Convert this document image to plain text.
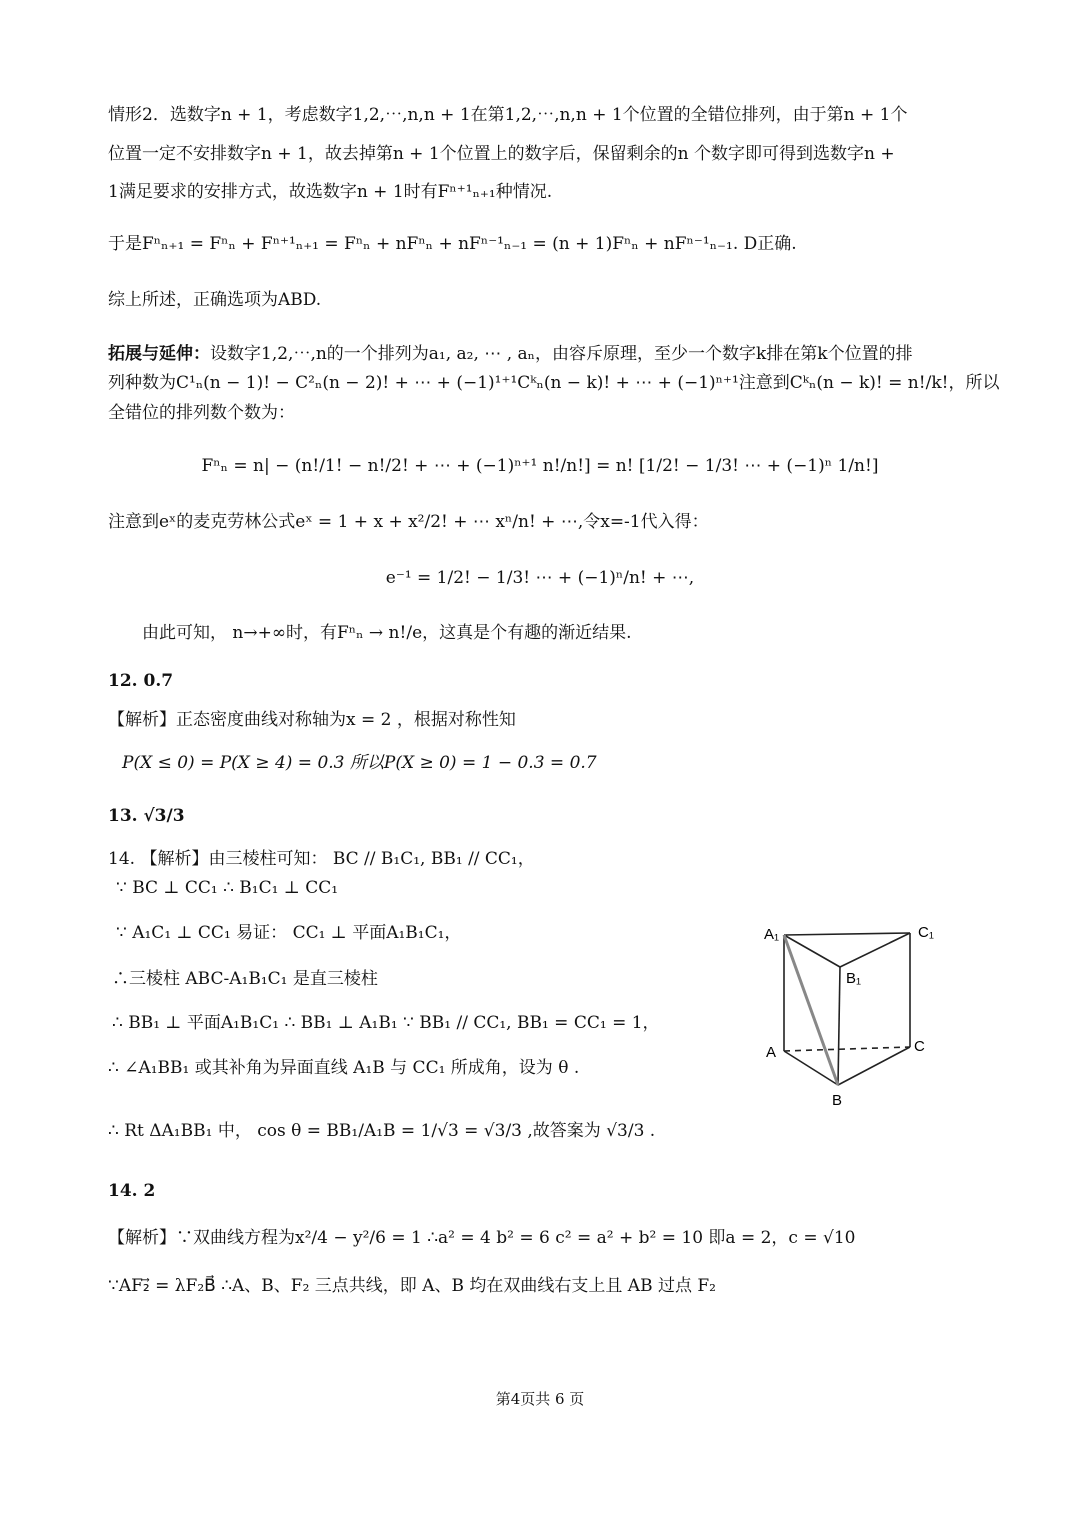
情形2．选数字n + 1，考虑数字1,2,⋯,n,n + 1在第1,2,⋯,n,n + 1个位置的全错位排列，由于第n + 1个
位置一定不安排数字n + 1，故去掉第n + 1个位置上的数字后，保留剩余的n 个数字即可得到选数字n +
1满足要求的安排方式，故选数字n + 1时有Fⁿ⁺¹ₙ₊₁种情况.
于是Fⁿₙ₊₁ = Fⁿₙ + Fⁿ⁺¹ₙ₊₁ = Fⁿₙ + nFⁿₙ + nFⁿ⁻¹ₙ₋₁ = (n + 1)Fⁿₙ + nFⁿ⁻¹ₙ₋₁. D正确.
综上所述，正确选项为ABD.
拓展与延伸：设数字1,2,⋯,n的一个排列为a₁, a₂, ⋯ , aₙ，由容斥原理，至少一个数字k排在第k个位置的排
列种数为C¹ₙ(n − 1)! − C²ₙ(n − 2)! + ⋯ + (−1)¹⁺¹Cᵏₙ(n − k)! + ⋯ + (−1)ⁿ⁺¹注意到Cᵏₙ(n − k)! = n!/k!，所以
全错位的排列数个数为：
Fⁿₙ = n| − (n!/1! − n!/2! + ⋯ + (−1)ⁿ⁺¹ n!/n!] = n! [1/2! − 1/3! ⋯ + (−1)ⁿ 1/n!]
注意到eˣ的麦克劳林公式eˣ = 1 + x + x²/2! + ⋯ xⁿ/n! + ⋯,令x=-1代入得：
e⁻¹ = 1/2! − 1/3! ⋯ + (−1)ⁿ/n! + ⋯,
由此可知， n→+∞时，有Fⁿₙ → n!/e，这真是个有趣的渐近结果.
12. 0.7
【解析】正态密度曲线对称轴为x = 2 ，根据对称性知
P(X ≤ 0) = P(X ≥ 4) = 0.3 所以P(X ≥ 0) = 1 − 0.3 = 0.7
13. √3/3
14. 【解析】由三棱柱可知： BC // B₁C₁, BB₁ // CC₁，
∵ BC ⊥ CC₁ ∴ B₁C₁ ⊥ CC₁
∵ A₁C₁ ⊥ CC₁ 易证： CC₁ ⊥ 平面A₁B₁C₁，
∴三棱柱 ABC-A₁B₁C₁ 是直三棱柱
∴ BB₁ ⊥ 平面A₁B₁C₁ ∴ BB₁ ⊥ A₁B₁ ∵ BB₁ // CC₁, BB₁ = CC₁ = 1，
∴ ∠A₁BB₁ 或其补角为异面直线 A₁B 与 CC₁ 所成角，设为 θ .
∴ Rt ΔA₁BB₁ 中， cos θ = BB₁/A₁B = 1/√3 = √3/3 ,故答案为 √3/3 .
14. 2
【解析】∵双曲线方程为x²/4 − y²/6 = 1 ∴a² = 4 b² = 6 c² = a² + b² = 10 即a = 2，c = √10
∵AF₂⃗ = λF₂B⃗ ∴A、B、F₂ 三点共线，即 A、B 均在双曲线右支上且 AB 过点 F₂
A₁	C₁
B₁
A	C
B
第4页共 6 页
